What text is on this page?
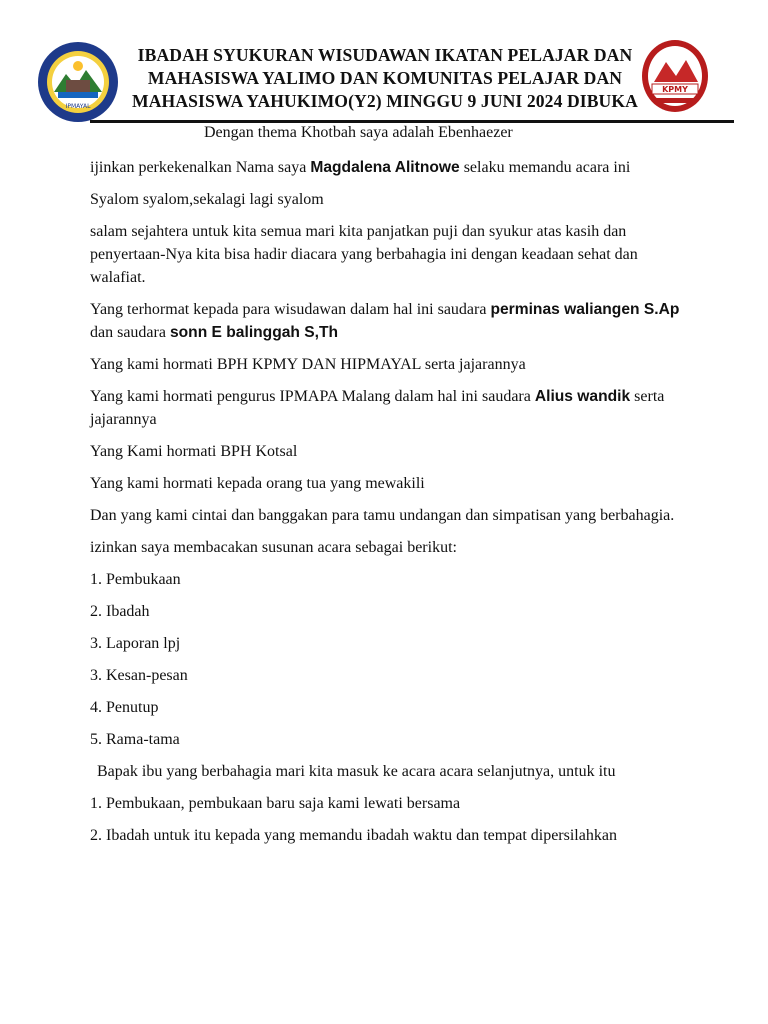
IPMAYAL
IBADAH SYUKURAN WISUDAWAN IKATAN PELAJAR DAN
MAHASISWA YALIMO DAN KOMUNITAS PELAJAR DAN
MAHASISWA YAHUKIMO(Y2) MINGGU 9 JUNI 2024 DIBUKA
KPMY
Dengan thema Khotbah saya adalah Ebenhaezer

ijinkan perkekenalkan Nama saya Magdalena Alitnowe selaku memandu acara ini

Syalom syalom,sekalagi lagi syalom

salam sejahtera untuk kita semua mari kita panjatkan puji dan syukur atas kasih dan penyertaan-Nya kita bisa hadir diacara yang berbahagia ini dengan keadaan sehat dan walafiat.

Yang terhormat kepada para wisudawan dalam hal ini saudara perminas waliangen S.Ap dan saudara sonn E balinggah S,Th

Yang kami hormati BPH KPMY DAN HIPMAYAL serta jajarannya

Yang kami hormati pengurus IPMAPA Malang dalam hal ini saudara Alius wandik serta jajarannya

Yang Kami hormati BPH Kotsal

Yang kami hormati kepada orang tua yang mewakili

Dan yang kami cintai dan banggakan para tamu undangan dan simpatisan yang berbahagia.

izinkan saya membacakan susunan acara sebagai berikut:

1. Pembukaan

2. Ibadah

3. Laporan lpj

3. Kesan-pesan

4. Penutup

5. Rama-tama

Bapak ibu yang berbahagia mari kita masuk ke acara acara selanjutnya, untuk itu

1. Pembukaan, pembukaan baru saja kami lewati bersama

2. Ibadah untuk itu kepada yang memandu ibadah waktu dan tempat dipersilahkan
